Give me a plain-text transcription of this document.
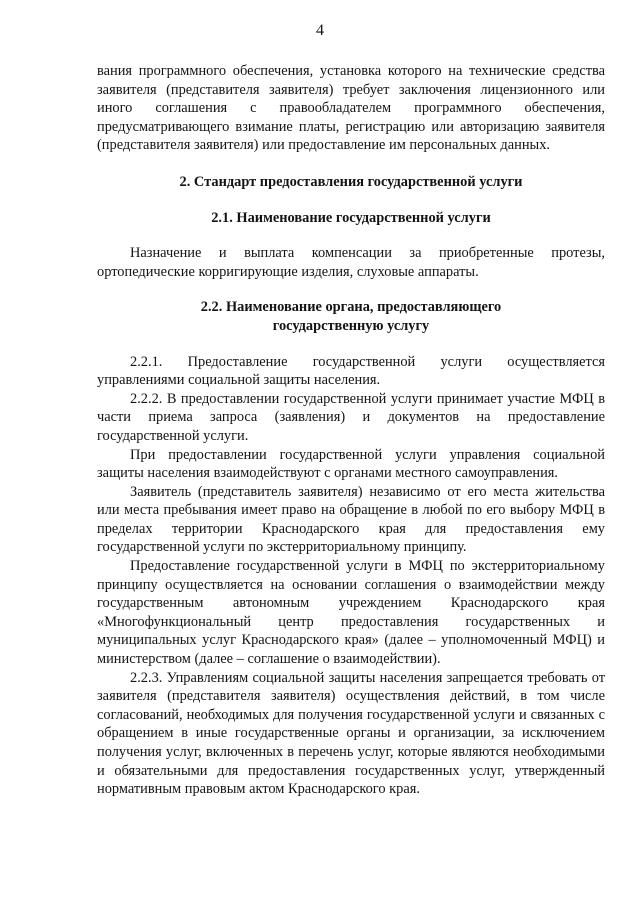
4

вания программного обеспечения, установка которого на технические средства заявителя (представителя заявителя) требует заключения лицензионного или иного соглашения с правообладателем программного обеспечения, предусматривающего взимание платы, регистрацию или авторизацию заявителя (представителя заявителя) или предоставление им персональных данных.

2. Стандарт предоставления государственной услуги
2.1. Наименование государственной услуги

Назначение и выплата компенсации за приобретенные протезы, ортопедические корригирующие изделия, слуховые аппараты.

2.2. Наименование органа, предоставляющего государственную услугу

2.2.1. Предоставление государственной услуги осуществляется управлениями социальной защиты населения.

2.2.2. В предоставлении государственной услуги принимает участие МФЦ в части приема запроса (заявления) и документов на предоставление государственной услуги.

При предоставлении государственной услуги управления социальной защиты населения взаимодействуют с органами местного самоуправления.

Заявитель (представитель заявителя) независимо от его места жительства или места пребывания имеет право на обращение в любой по его выбору МФЦ в пределах территории Краснодарского края для предоставления ему государственной услуги по экстерриториальному принципу.

Предоставление государственной услуги в МФЦ по экстерриториальному принципу осуществляется на основании соглашения о взаимодействии между государственным автономным учреждением Краснодарского края «Многофункциональный центр предоставления государственных и муниципальных услуг Краснодарского края» (далее – уполномоченный МФЦ) и министерством (далее – соглашение о взаимодействии).

2.2.3. Управлениям социальной защиты населения запрещается требовать от заявителя (представителя заявителя) осуществления действий, в том числе согласований, необходимых для получения государственной услуги и связанных с обращением в иные государственные органы и организации, за исключением получения услуг, включенных в перечень услуг, которые являются необходимыми и обязательными для предоставления государственных услуг, утвержденный нормативным правовым актом Краснодарского края.
